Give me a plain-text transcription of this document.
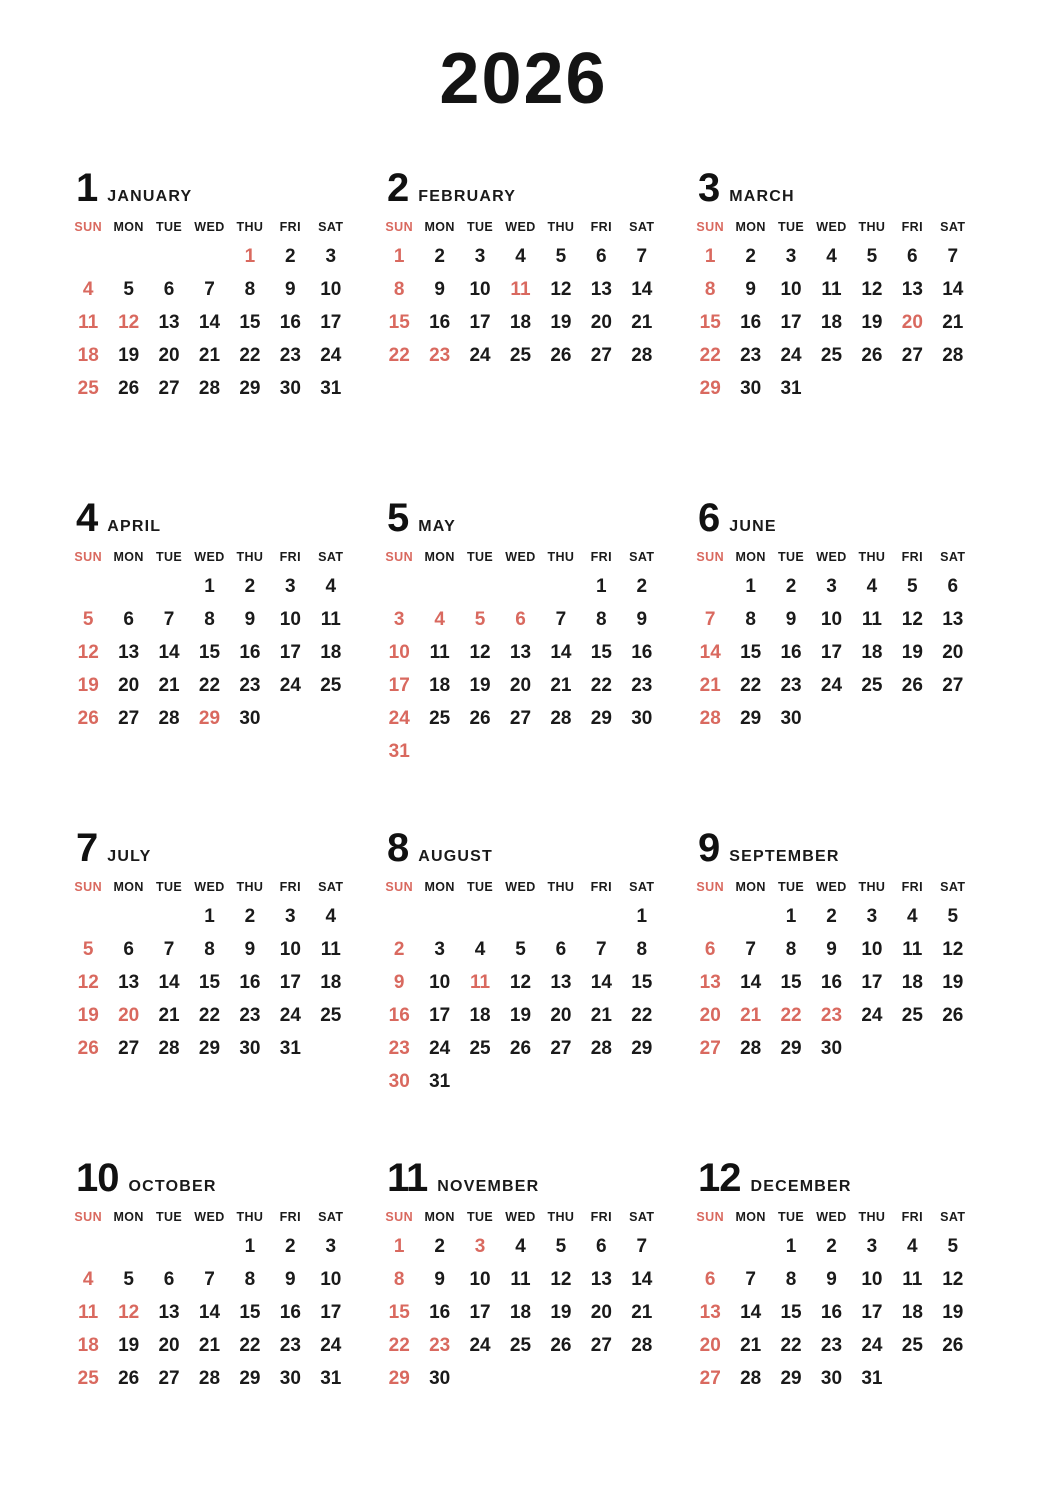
2026
1 JANUARY
SUN	MON	TUE	WED	THU	FRI	SAT
				1	2	3
4	5	6	7	8	9	10
11	12	13	14	15	16	17
18	19	20	21	22	23	24
25	26	27	28	29	30	31
2 FEBRUARY
SUN	MON	TUE	WED	THU	FRI	SAT
1	2	3	4	5	6	7
8	9	10	11	12	13	14
15	16	17	18	19	20	21
22	23	24	25	26	27	28
3 MARCH
SUN	MON	TUE	WED	THU	FRI	SAT
1	2	3	4	5	6	7
8	9	10	11	12	13	14
15	16	17	18	19	20	21
22	23	24	25	26	27	28
29	30	31				
4 APRIL
SUN	MON	TUE	WED	THU	FRI	SAT
			1	2	3	4
5	6	7	8	9	10	11
12	13	14	15	16	17	18
19	20	21	22	23	24	25
26	27	28	29	30		
5 MAY
SUN	MON	TUE	WED	THU	FRI	SAT
					1	2
3	4	5	6	7	8	9
10	11	12	13	14	15	16
17	18	19	20	21	22	23
24	25	26	27	28	29	30
31						
6 JUNE
SUN	MON	TUE	WED	THU	FRI	SAT
	1	2	3	4	5	6
7	8	9	10	11	12	13
14	15	16	17	18	19	20
21	22	23	24	25	26	27
28	29	30				
7 JULY
SUN	MON	TUE	WED	THU	FRI	SAT
			1	2	3	4
5	6	7	8	9	10	11
12	13	14	15	16	17	18
19	20	21	22	23	24	25
26	27	28	29	30	31	
8 AUGUST
SUN	MON	TUE	WED	THU	FRI	SAT
						1
2	3	4	5	6	7	8
9	10	11	12	13	14	15
16	17	18	19	20	21	22
23	24	25	26	27	28	29
30	31					
9 SEPTEMBER
SUN	MON	TUE	WED	THU	FRI	SAT
		1	2	3	4	5
6	7	8	9	10	11	12
13	14	15	16	17	18	19
20	21	22	23	24	25	26
27	28	29	30			
10 OCTOBER
SUN	MON	TUE	WED	THU	FRI	SAT
				1	2	3
4	5	6	7	8	9	10
11	12	13	14	15	16	17
18	19	20	21	22	23	24
25	26	27	28	29	30	31
11 NOVEMBER
SUN	MON	TUE	WED	THU	FRI	SAT
1	2	3	4	5	6	7
8	9	10	11	12	13	14
15	16	17	18	19	20	21
22	23	24	25	26	27	28
29	30					
12 DECEMBER
SUN	MON	TUE	WED	THU	FRI	SAT
		1	2	3	4	5
6	7	8	9	10	11	12
13	14	15	16	17	18	19
20	21	22	23	24	25	26
27	28	29	30	31		
